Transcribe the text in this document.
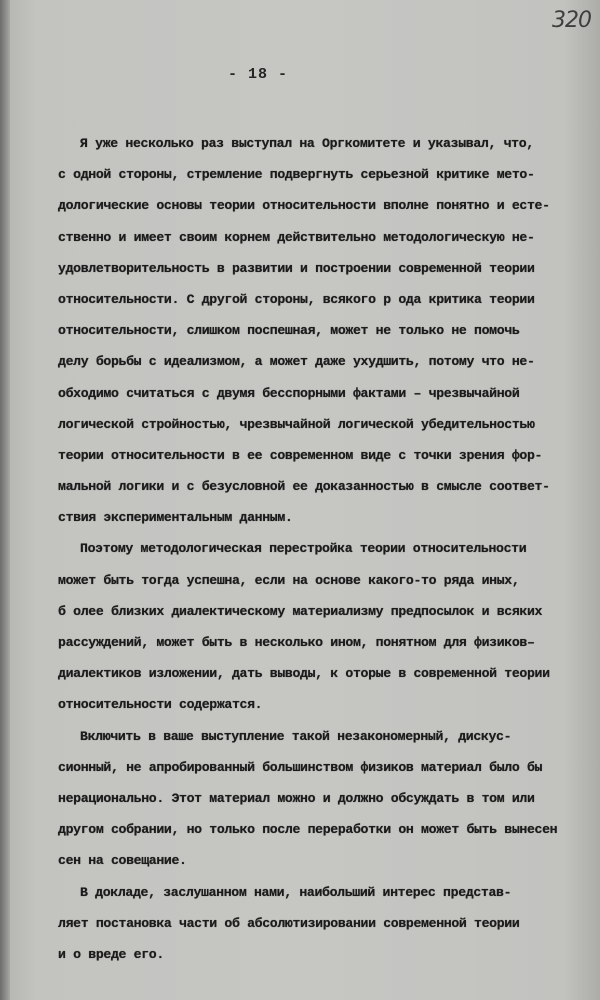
320
- 18 -
Я уже несколько раз выступал на Оргкомитете и указывал, что,
с одной стороны, стремление подвергнуть серьезной критике мето-
дологические основы теории относительности вполне понятно и есте-
ственно и имеет своим корнем действительно методологическую не-
удовлетворительность в развитии и построении современной теории
относительности. С другой стороны, всякого р ода критика теории
относительности, слишком поспешная, может не только не помочь
делу борьбы с идеализмом, а может даже ухудшить, потому что не-
обходимо считаться с двумя бесспорными фактами – чрезвычайной
логической стройностью, чрезвычайной логической убедительностью
теории относительности в ее современном виде с точки зрения фор-
мальной логики и с безусловной ее доказанностью в смысле соответ-
ствия экспериментальным данным.
Поэтому методологическая перестройка теории относительности
может быть тогда успешна, если на основе какого-то ряда иных,
б олее близких диалектическому материализму предпосылок и всяких
рассуждений, может быть в несколько ином, понятном для физиков–
диалектиков изложении, дать выводы, к оторые в современной теории
относительности содержатся.
Включить в ваше выступление такой незакономерный, дискус-
сионный, не апробированный большинством физиков материал было бы
нерационально. Этот материал можно и должно обсуждать в том или
другом собрании, но только после переработки он может быть вынесен
сен на совещание.
В докладе, заслушанном нами, наибольший интерес представ-
ляет постановка части об абсолютизировании современной теории
и о вреде его.
